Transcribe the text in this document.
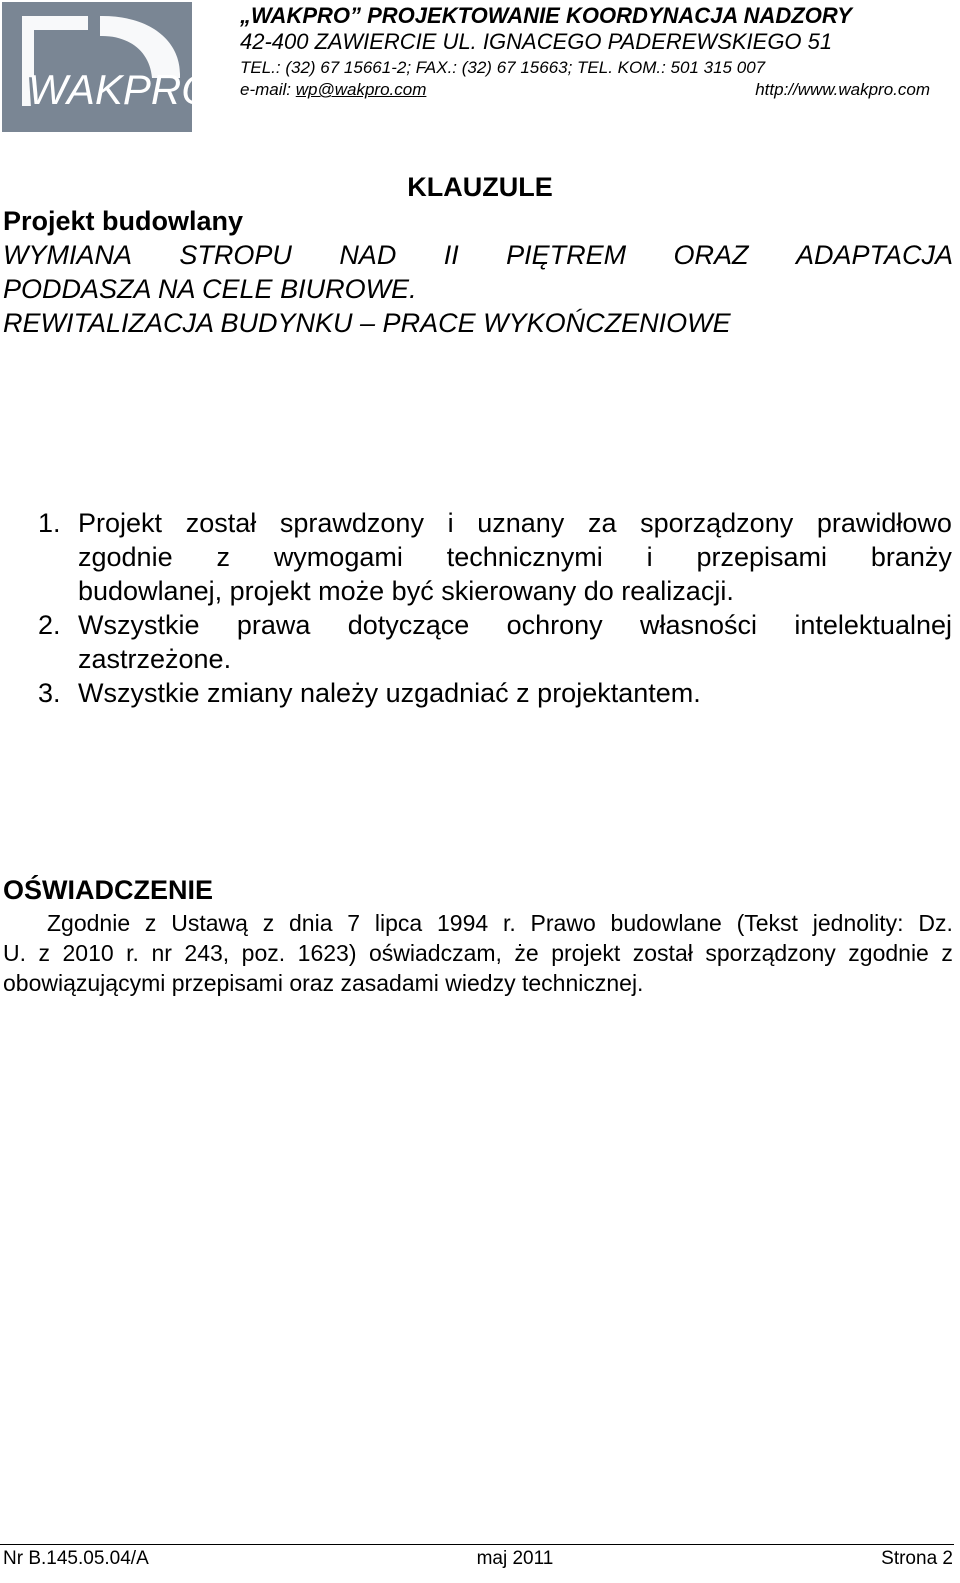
WAKPR
WAKPR
„WAKPRO” PROJEKTOWANIE KOORDYNACJA NADZORY
42-400 ZAWIERCIE UL. IGNACEGO PADEREWSKIEGO 51
TEL.: (32) 67 15661-2; FAX.: (32) 67 15663; TEL. KOM.: 501 315 007
e-mail: wp@wakpro.com	http://www.wakpro.com
KLAUZULE
Projekt budowlany
WYMIANA STROPU NAD II PIĘTREM ORAZ ADAPTACJA
PODDASZA NA CELE BIUROWE.
REWITALIZACJA BUDYNKU – PRACE WYKOŃCZENIOWE
1. Projekt został sprawdzony i uznany za sporządzony prawidłowo
zgodnie z wymogami technicznymi i przepisami branży
budowlanej, projekt może być skierowany do realizacji.
2. Wszystkie prawa dotyczące ochrony własności intelektualnej
zastrzeżone.
3. Wszystkie zmiany należy uzgadniać z projektantem.
OŚWIADCZENIE
Zgodnie z Ustawą z dnia 7 lipca 1994 r. Prawo budowlane (Tekst jednolity: Dz.
U. z 2010 r. nr 243, poz. 1623) oświadczam, że projekt został sporządzony zgodnie z
obowiązującymi przepisami oraz zasadami wiedzy technicznej.
Nr B.145.05.04/A	maj 2011	Strona 2
